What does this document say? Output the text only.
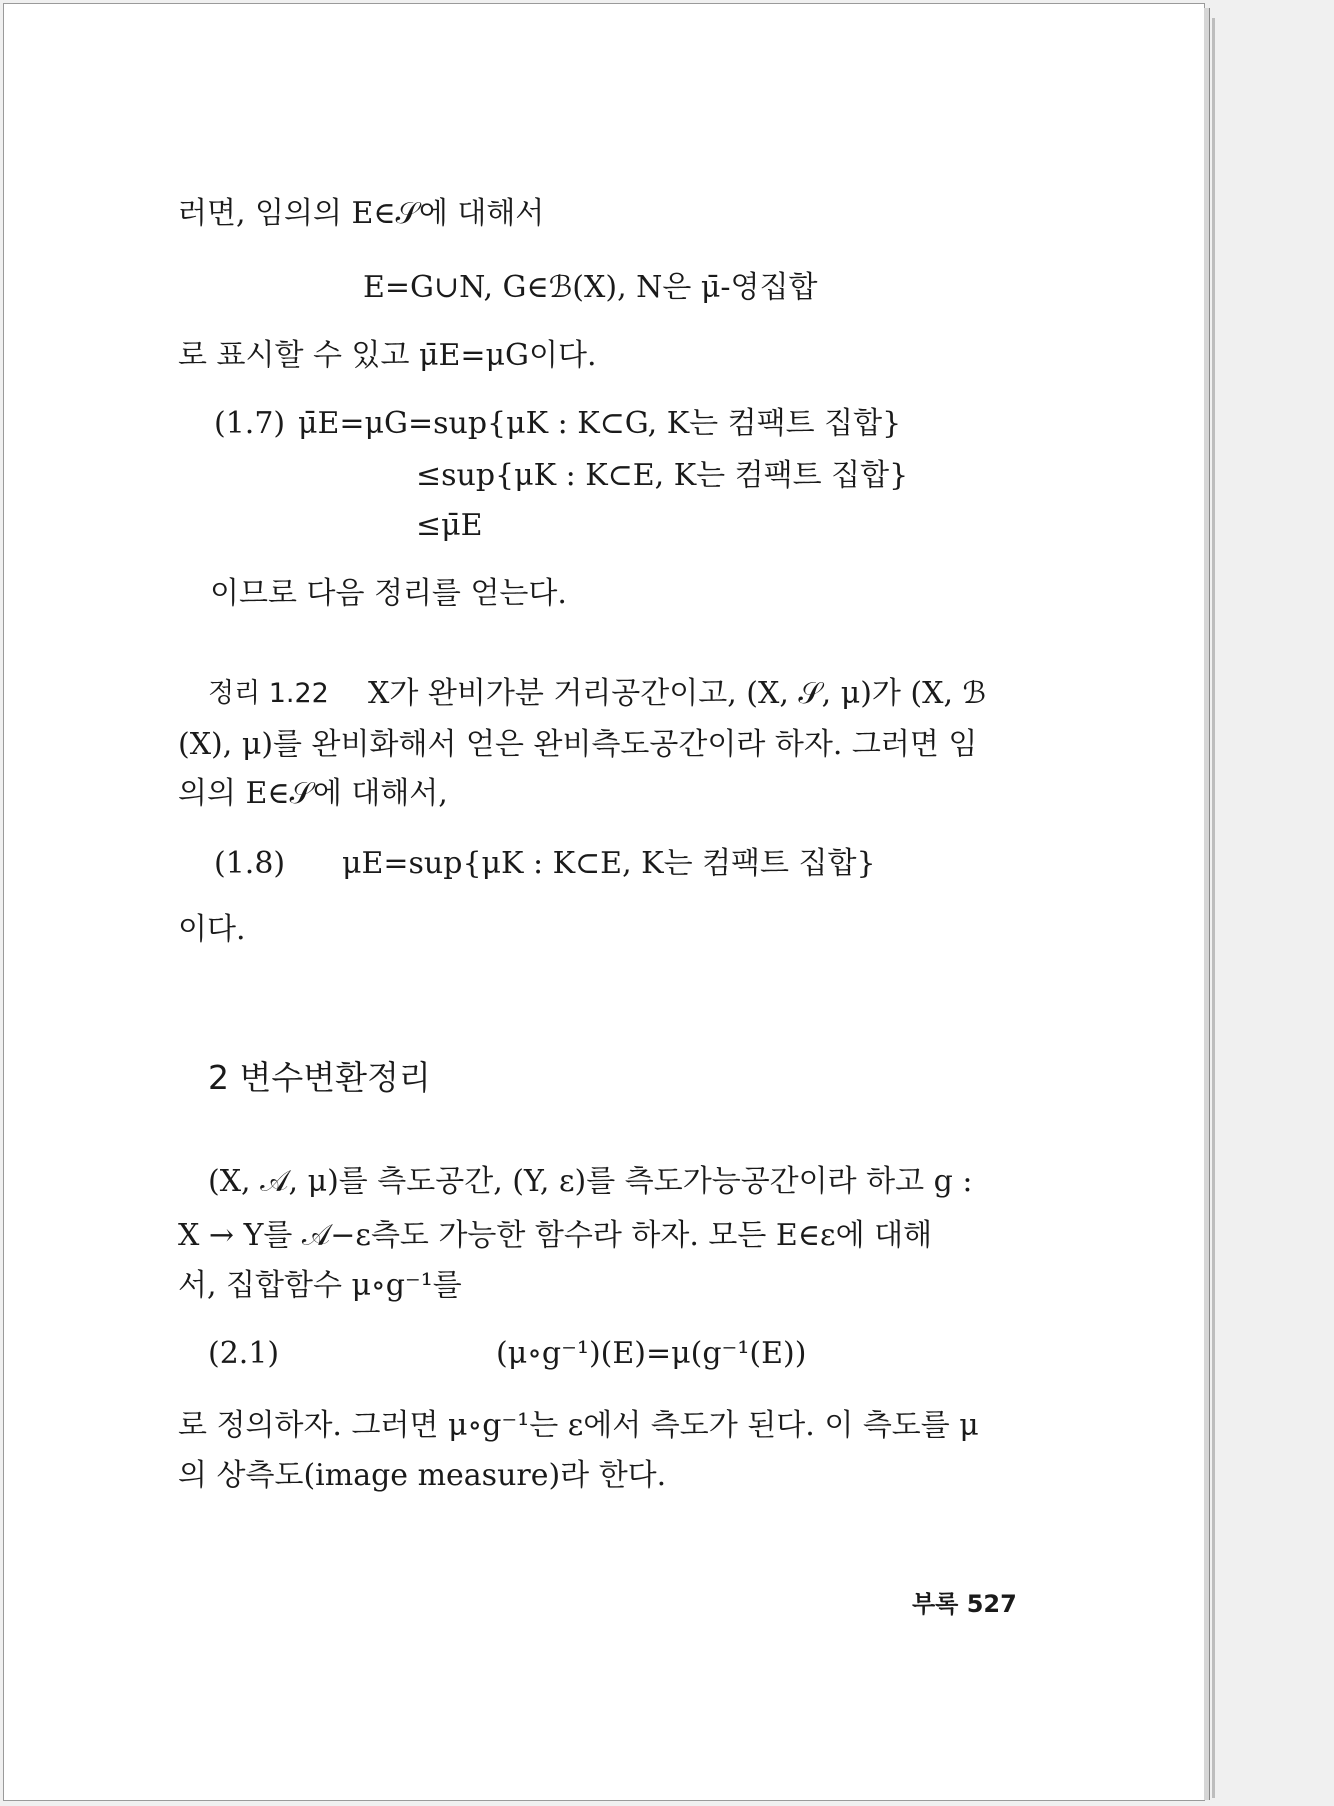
러면, 임의의 E∈𝒮에 대해서
E=G∪N, G∈ℬ(X), N은 μ̄-영집합
로 표시할 수 있고 μ̄E=μG이다.
(1.7) μ̄E=μG=sup{μK : K⊂G, K는 컴팩트 집합}
≤sup{μK : K⊂E, K는 컴팩트 집합}
≤μ̄E
이므로 다음 정리를 얻는다.
정리 1.22 X가 완비가분 거리공간이고, (X, 𝒮, μ)가 (X, ℬ
(X), μ)를 완비화해서 얻은 완비측도공간이라 하자. 그러면 임
의의 E∈𝒮에 대해서,
(1.8) μE=sup{μK : K⊂E, K는 컴팩트 집합}
이다.
2 변수변환정리
(X, 𝒜, μ)를 측도공간, (Y, ε)를 측도가능공간이라 하고 g :
X → Y를 𝒜−ε측도 가능한 함수라 하자. 모든 E∈ε에 대해
서, 집합함수 μ∘g⁻¹를
(2.1)	(μ∘g⁻¹)(E)=μ(g⁻¹(E))
로 정의하자. 그러면 μ∘g⁻¹는 ε에서 측도가 된다. 이 측도를 μ
의 상측도(image measure)라 한다.
부록 527
